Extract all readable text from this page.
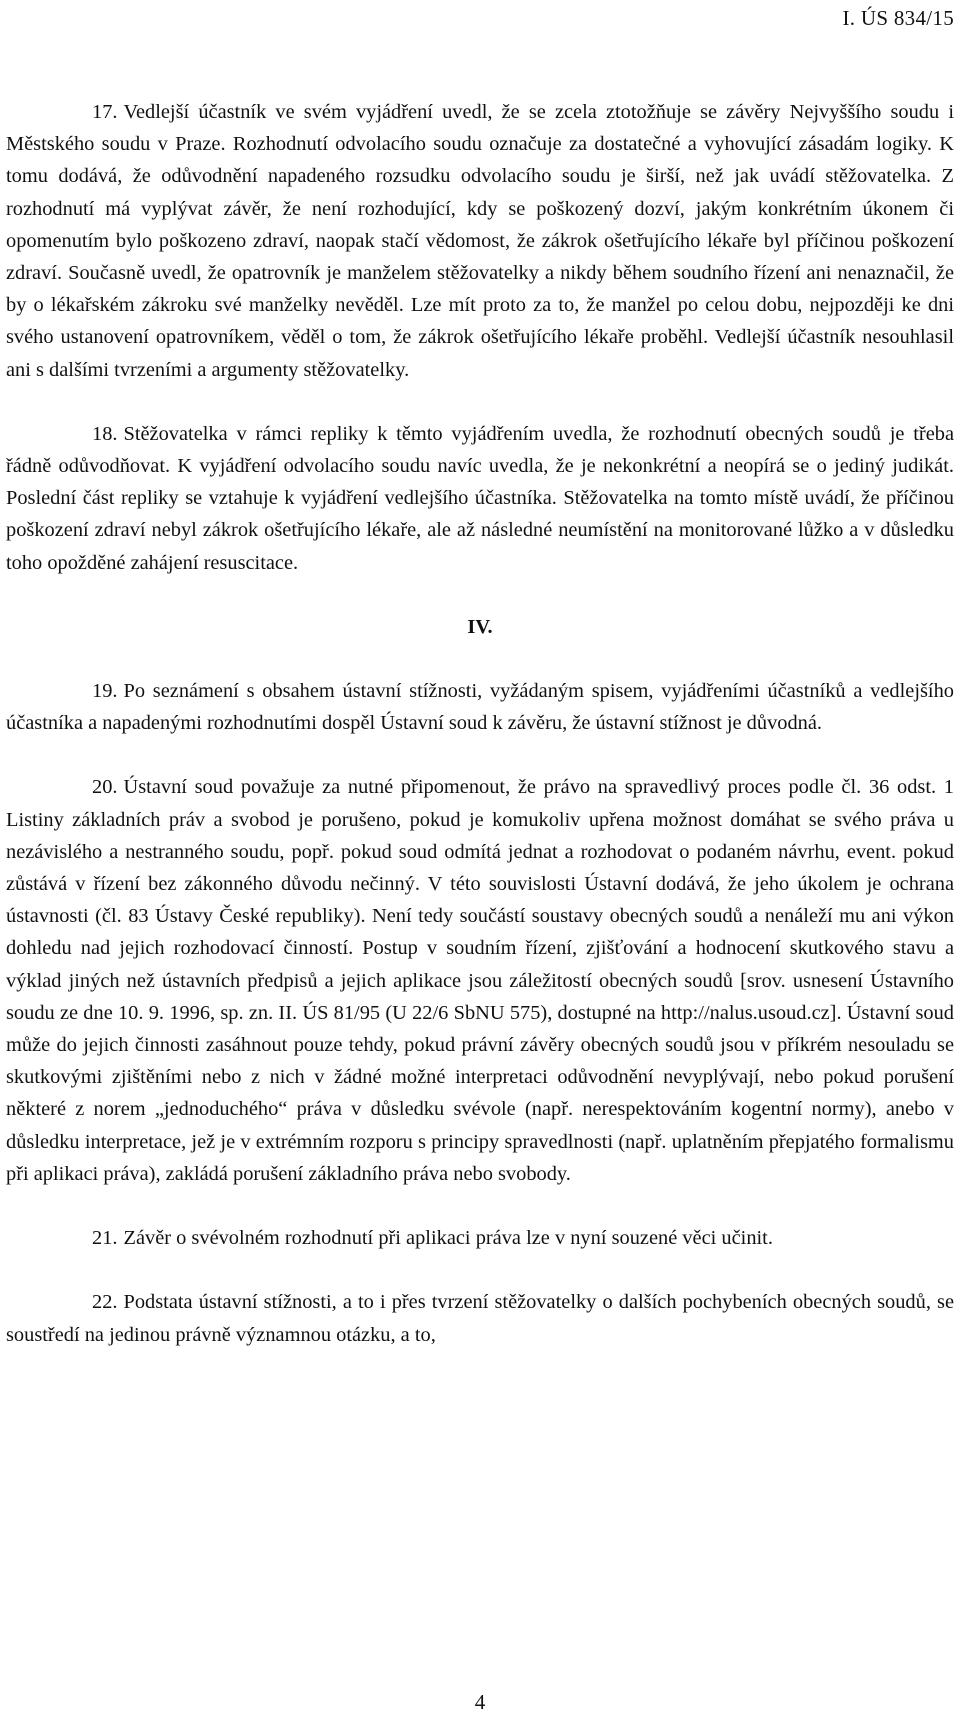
I. ÚS 834/15

17. Vedlejší účastník ve svém vyjádření uvedl, že se zcela ztotožňuje se závěry Nejvyššího soudu i Městského soudu v Praze. Rozhodnutí odvolacího soudu označuje za dostatečné a vyhovující zásadám logiky. K tomu dodává, že odůvodnění napadeného rozsudku odvolacího soudu je širší, než jak uvádí stěžovatelka. Z rozhodnutí má vyplývat závěr, že není rozhodující, kdy se poškozený dozví, jakým konkrétním úkonem či opomenutím bylo poškozeno zdraví, naopak stačí vědomost, že zákrok ošetřujícího lékaře byl příčinou poškození zdraví. Současně uvedl, že opatrovník je manželem stěžovatelky a nikdy během soudního řízení ani nenaznačil, že by o lékařském zákroku své manželky nevěděl. Lze mít proto za to, že manžel po celou dobu, nejpozději ke dni svého ustanovení opatrovníkem, věděl o tom, že zákrok ošetřujícího lékaře proběhl. Vedlejší účastník nesouhlasil ani s dalšími tvrzeními a argumenty stěžovatelky.

18. Stěžovatelka v rámci repliky k těmto vyjádřením uvedla, že rozhodnutí obecných soudů je třeba řádně odůvodňovat. K vyjádření odvolacího soudu navíc uvedla, že je nekonkrétní a neopírá se o jediný judikát. Poslední část repliky se vztahuje k vyjádření vedlejšího účastníka. Stěžovatelka na tomto místě uvádí, že příčinou poškození zdraví nebyl zákrok ošetřujícího lékaře, ale až následné neumístění na monitorované lůžko a v důsledku toho opožděné zahájení resuscitace.

IV.

19. Po seznámení s obsahem ústavní stížnosti, vyžádaným spisem, vyjádřeními účastníků a vedlejšího účastníka a napadenými rozhodnutími dospěl Ústavní soud k závěru, že ústavní stížnost je důvodná.

20. Ústavní soud považuje za nutné připomenout, že právo na spravedlivý proces podle čl. 36 odst. 1 Listiny základních práv a svobod je porušeno, pokud je komukoliv upřena možnost domáhat se svého práva u nezávislého a nestranného soudu, popř. pokud soud odmítá jednat a rozhodovat o podaném návrhu, event. pokud zůstává v řízení bez zákonného důvodu nečinný. V této souvislosti Ústavní dodává, že jeho úkolem je ochrana ústavnosti (čl. 83 Ústavy České republiky). Není tedy součástí soustavy obecných soudů a nenáleží mu ani výkon dohledu nad jejich rozhodovací činností. Postup v soudním řízení, zjišťování a hodnocení skutkového stavu a výklad jiných než ústavních předpisů a jejich aplikace jsou záležitostí obecných soudů [srov. usnesení Ústavního soudu ze dne 10. 9. 1996, sp. zn. II. ÚS 81/95 (U 22/6 SbNU 575), dostupné na http://nalus.usoud.cz]. Ústavní soud může do jejich činnosti zasáhnout pouze tehdy, pokud právní závěry obecných soudů jsou v příkrém nesouladu se skutkovými zjištěními nebo z nich v žádné možné interpretaci odůvodnění nevyplývají, nebo pokud porušení některé z norem „jednoduchého“ práva v důsledku svévole (např. nerespektováním kogentní normy), anebo v důsledku interpretace, jež je v extrémním rozporu s principy spravedlnosti (např. uplatněním přepjatého formalismu při aplikaci práva), zakládá porušení základního práva nebo svobody.

21. Závěr o svévolném rozhodnutí při aplikaci práva lze v nyní souzené věci učinit.

22. Podstata ústavní stížnosti, a to i přes tvrzení stěžovatelky o dalších pochybeních obecných soudů, se soustředí na jedinou právně významnou otázku, a to,

4
